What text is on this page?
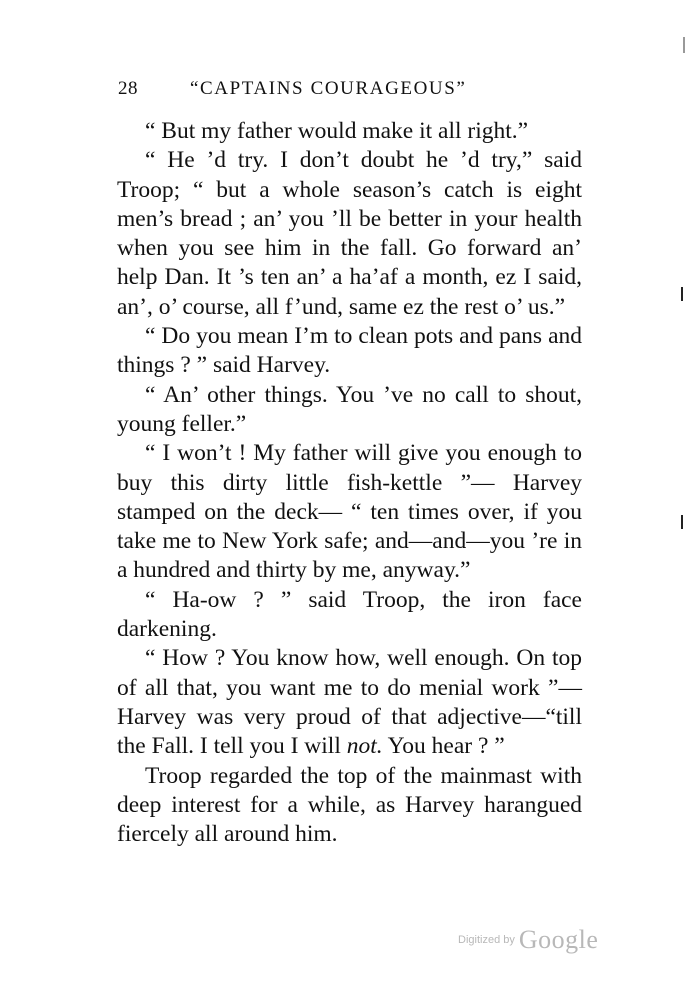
28	“CAPTAINS COURAGEOUS”

“ But my father would make it all right.”

“ He ’d try. I don’t doubt he ’d try,” said Troop; “ but a whole season’s catch is eight men’s bread ; an’ you ’ll be better in your health when you see him in the fall. Go forward an’ help Dan. It ’s ten an’ a ha’af a month, ez I said, an’, o’ course, all f’und, same ez the rest o’ us.”

“ Do you mean I’m to clean pots and pans and things ? ” said Harvey.

“ An’ other things. You ’ve no call to shout, young feller.”

“ I won’t ! My father will give you enough to buy this dirty little fish-kettle ”— Harvey stamped on the deck— “ ten times over, if you take me to New York safe; and—and—you ’re in a hundred and thirty by me, anyway.”

“ Ha-ow ? ” said Troop, the iron face darkening.

“ How ? You know how, well enough. On top of all that, you want me to do menial work ”—Harvey was very proud of that adjective—“till the Fall. I tell you I will not. You hear ? ”

Troop regarded the top of the mainmast with deep interest for a while, as Harvey harangued fiercely all around him.

Digitized by Google
